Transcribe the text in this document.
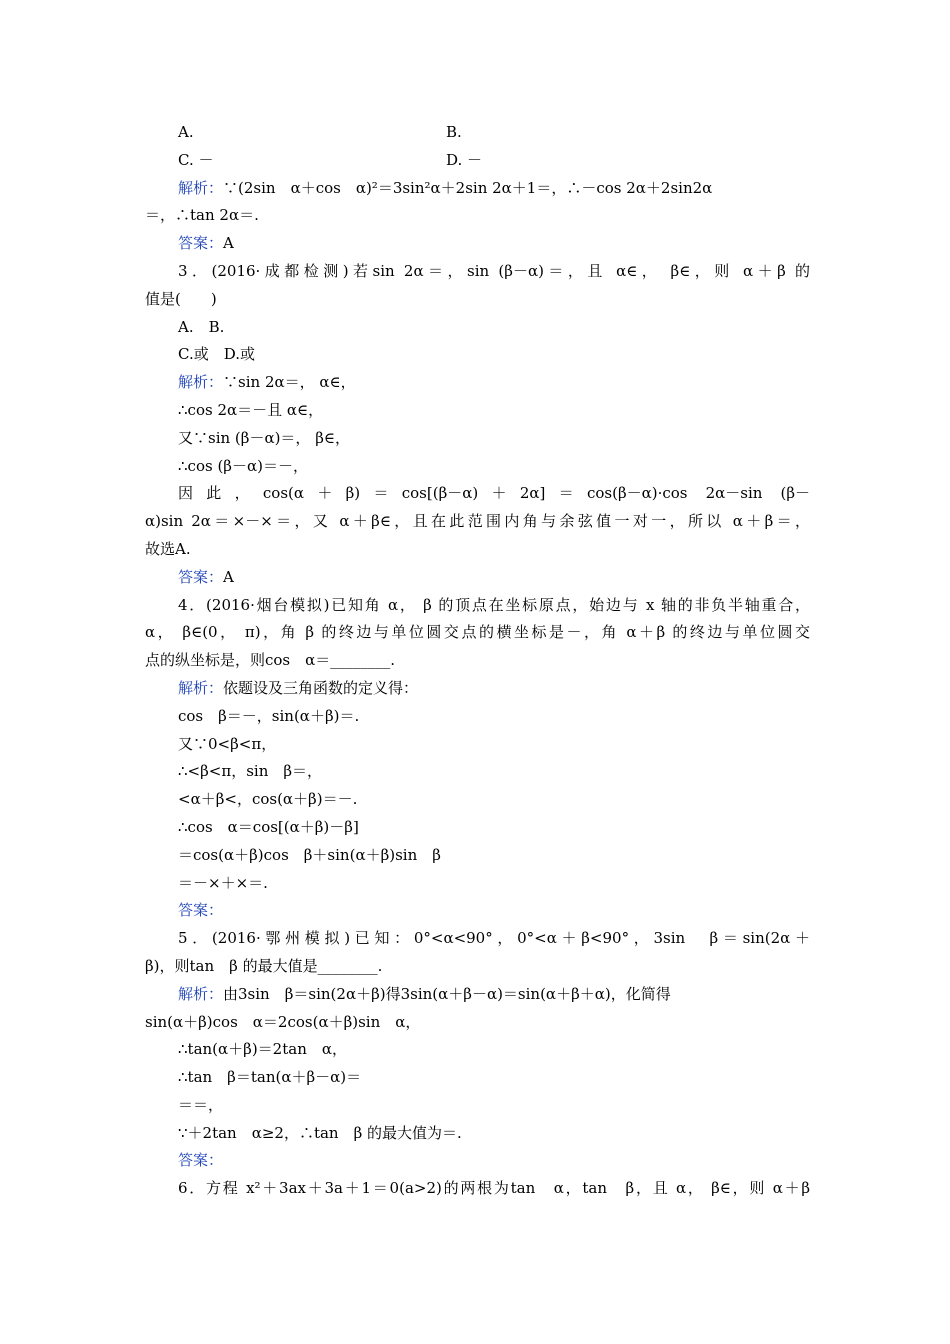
A.	B.
C. －	D. －
解析：∵(2sin　α＋cos　α)²＝3sin²α＋2sin 2α＋1＝，∴－cos 2α＋2sin2α
＝，∴tan 2α＝.
答案：A
3．(2016·成都检测)若sin 2α＝，sin (β－α)＝，且 α∈， β∈，则 α＋β 的
值是(　　)
A.　B.
C.或　D.或
解析：∵sin 2α＝， α∈，
∴cos 2α＝－且 α∈，
又∵sin (β－α)＝， β∈，
∴cos (β－α)＝－，
因此，cos(α＋β)＝cos[(β－α)＋2α]＝cos(β－α)·cos 2α－sin (β－
α)sin 2α＝×－×＝，又 α＋β∈，且在此范围内角与余弦值一对一，所以 α＋β＝，
故选A.
答案：A
4．(2016·烟台模拟)已知角 α， β 的顶点在坐标原点，始边与 x 轴的非负半轴重合，
α， β∈(0， π)，角 β 的终边与单位圆交点的横坐标是－，角 α＋β 的终边与单位圆交
点的纵坐标是，则cos　α＝________.
解析：依题设及三角函数的定义得：
cos　β＝－，sin(α＋β)＝.
又∵0<β<π，
∴<β<π，sin　β＝，
<α＋β<，cos(α＋β)＝－.
∴cos　α＝cos[(α＋β)－β]
＝cos(α＋β)cos　β＋sin(α＋β)sin　β
＝－×＋×＝.
答案：
5．(2016·鄂州模拟)已知：0°<α<90°，0°<α＋β<90°，3sin　β＝sin(2α＋
β)，则tan　β 的最大值是________.
解析：由3sin　β＝sin(2α＋β)得3sin(α＋β－α)＝sin(α＋β＋α)，化简得
sin(α＋β)cos　α＝2cos(α＋β)sin　α，
∴tan(α＋β)＝2tan　α，
∴tan　β＝tan(α＋β－α)＝
＝＝，
∵＋2tan　α≥2，∴tan　β 的最大值为＝.
答案：
6．方程 x²＋3ax＋3a＋1＝0(a>2)的两根为tan　α，tan　β，且 α， β∈，则 α＋β
